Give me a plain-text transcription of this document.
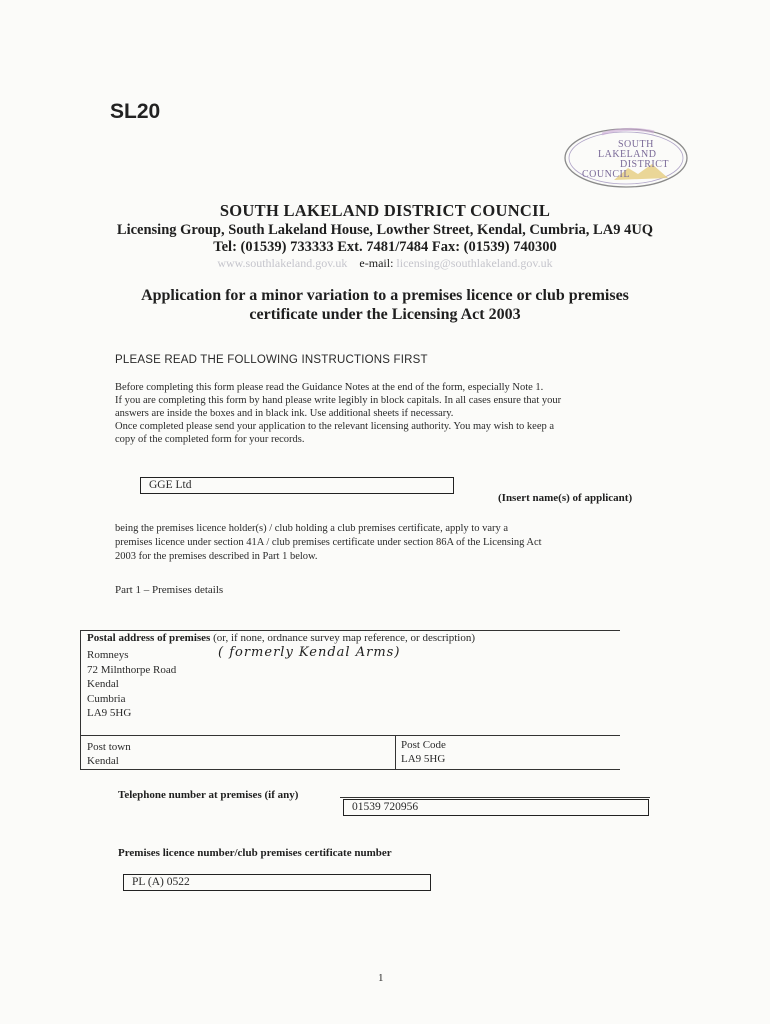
SL20
SOUTH
LAKELAND
DISTRICT
COUNCIL
SOUTH LAKELAND DISTRICT COUNCIL
Licensing Group, South Lakeland House, Lowther Street, Kendal, Cumbria, LA9 4UQ
Tel: (01539) 733333 Ext. 7481/7484 Fax: (01539) 740300
www.southlakeland.gov.uk e-mail: licensing@southlakeland.gov.uk
Application for a minor variation to a premises licence or club premises
certificate under the Licensing Act 2003
PLEASE READ THE FOLLOWING INSTRUCTIONS FIRST
Before completing this form please read the Guidance Notes at the end of the form, especially Note 1.
If you are completing this form by hand please write legibly in block capitals. In all cases ensure that your
answers are inside the boxes and in black ink. Use additional sheets if necessary.
Once completed please send your application to the relevant licensing authority. You may wish to keep a
copy of the completed form for your records.
GGE Ltd
(Insert name(s) of applicant)
being the premises licence holder(s) / club holding a club premises certificate, apply to vary a
premises licence under section 41A / club premises certificate under section 86A of the Licensing Act
2003 for the premises described in Part 1 below.
Part 1 – Premises details
Postal address of premises (or, if none, ordnance survey map reference, or description)
Romneys
72 Milnthorpe Road
Kendal
Cumbria
LA9 5HG
( formerly Kendal Arms)
Post town
Kendal
Post Code
LA9 5HG
Telephone number at premises (if any)
01539 720956
Premises licence number/club premises certificate number
PL (A) 0522
1
